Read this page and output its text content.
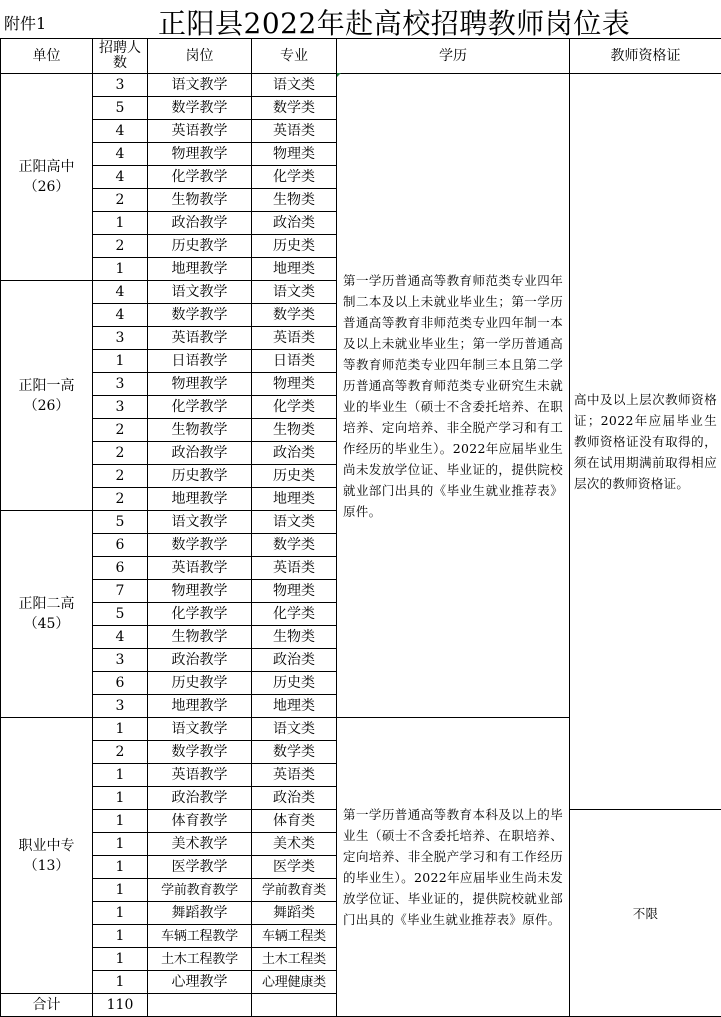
附件1	正阳县2022年赴高校招聘教师岗位表
单位	招聘人数	岗位	专业	学历	教师资格证
正阳高中
（26）	3	语文教学	语文类	第一学历普通高等教育师范类专业四年制二本及以上未就业毕业生；第一学历普通高等教育非师范类专业四年制一本及以上未就业毕业生；第一学历普通高等教育师范类专业四年制三本且第二学历普通高等教育师范类专业研究生未就业的毕业生（硕士不含委托培养、在职培养、定向培养、非全脱产学习和有工作经历的毕业生）。2022年应届毕业生尚未发放学位证、毕业证的，提供院校就业部门出具的《毕业生就业推荐表》原件。	高中及以上层次教师资格证；2022年应届毕业生教师资格证没有取得的，须在试用期满前取得相应层次的教师资格证。
	5	数学教学	数学类		
	4	英语教学	英语类		
	4	物理教学	物理类		
	4	化学教学	化学类		
	2	生物教学	生物类		
	1	政治教学	政治类		
	2	历史教学	历史类		
	1	地理教学	地理类		
正阳一高
（26）	4	语文教学	语文类		
	4	数学教学	数学类		
	3	英语教学	英语类		
	1	日语教学	日语类		
	3	物理教学	物理类		
	3	化学教学	化学类		
	2	生物教学	生物类		
	2	政治教学	政治类		
	2	历史教学	历史类		
	2	地理教学	地理类		
正阳二高
（45）	5	语文教学	语文类		
	6	数学教学	数学类		
	6	英语教学	英语类		
	7	物理教学	物理类		
	5	化学教学	化学类		
	4	生物教学	生物类		
	3	政治教学	政治类		
	6	历史教学	历史类		
	3	地理教学	地理类		
职业中专
（13）	1	语文教学	语文类	第一学历普通高等教育本科及以上的毕业生（硕士不含委托培养、在职培养、定向培养、非全脱产学习和有工作经历的毕业生）。2022年应届毕业生尚未发放学位证、毕业证的，提供院校就业部门出具的《毕业生就业推荐表》原件。	
	2	数学教学	数学类		
	1	英语教学	英语类		
	1	政治教学	政治类		
	1	体育教学	体育类		不限
	1	美术教学	美术类		
	1	医学教学	医学类		
	1	学前教育教学	学前教育类		
	1	舞蹈教学	舞蹈类		
	1	车辆工程教学	车辆工程类		
	1	土木工程教学	土木工程类		
	1	心理教学	心理健康类		
合计	110				
